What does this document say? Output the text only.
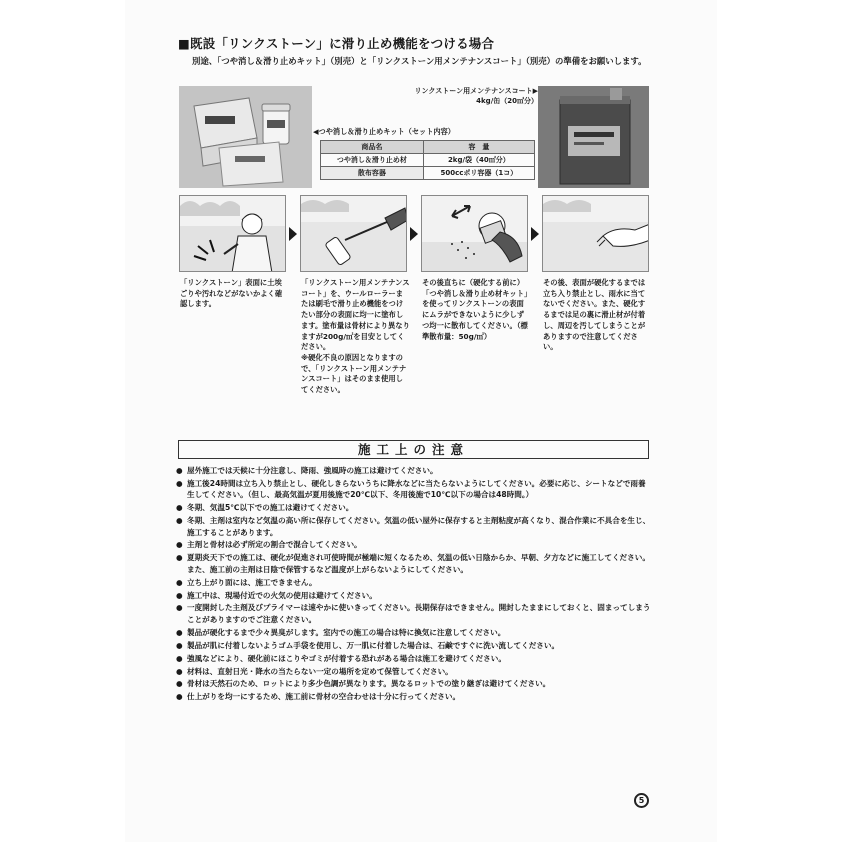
■既設「リンクストーン」に滑り止め機能をつける場合
別途、「つや消し＆滑り止めキット」（別売）と「リンクストーン用メンテナンスコート」（別売）の準備をお願いします。
リンクストーン用メンテナンスコート▶
4kg/缶（20㎡分）
◀つや消し＆滑り止めキット（セット内容）
商品名	容　量
つや消し＆滑り止め材	2kg/袋（40㎡分）
散布容器	500ccポリ容器（1コ）
「リンクストーン」表面に土埃ごりや汚れなどがないかよく確認します。
「リンクストーン用メンテナンスコート」を、ウールローラーまたは刷毛で滑り止め機能をつけたい部分の表面に均一に塗布します。塗布量は骨材により異なりますが200g/㎡を目安としてください。
※硬化不良の原因となりますので、「リンクストーン用メンテナンスコート」はそのまま使用してください。
その後直ちに（硬化する前に）「つや消し＆滑り止め材キット」を使ってリンクストーンの表面にムラができないように少しずつ均一に散布してください。（標準散布量：50g/㎡）
その後、表面が硬化するまでは立ち入り禁止とし、雨水に当てないでください。また、硬化するまでは足の裏に滑止材が付着し、周辺を汚してしまうことがありますので注意してください。
施工上の注意
● 屋外施工では天候に十分注意し、降雨、強風時の施工は避けてください。
● 施工後24時間は立ち入り禁止とし、硬化しきらないうちに降水などに当たらないようにしてください。必要に応じ、シートなどで雨養生してください。（但し、最高気温が夏用後施で20℃以下、冬用後施で10℃以下の場合は48時間。）
● 冬期、気温5℃以下での施工は避けてください。
● 冬期、主剤は室内など気温の高い所に保存してください。気温の低い屋外に保存すると主剤粘度が高くなり、混合作業に不具合を生じ、施工することがあります。
● 主剤と骨材は必ず所定の割合で混合してください。
● 夏期炎天下での施工は、硬化が促進され可使時間が極端に短くなるため、気温の低い日陰からか、早朝、夕方などに施工してください。また、施工前の主剤は日陰で保管するなど温度が上がらないようにしてください。
● 立ち上がり面には、施工できません。
● 施工中は、現場付近での火気の使用は避けてください。
● 一度開封した主剤及びプライマーは速やかに使いきってください。長期保存はできません。開封したままにしておくと、固まってしまうことがありますのでご注意ください。
● 製品が硬化するまで少々異臭がします。室内での施工の場合は特に換気に注意してください。
● 製品が肌に付着しないようゴム手袋を使用し、万一肌に付着した場合は、石鹸ですぐに洗い流してください。
● 強風などにより、硬化前にほこりやゴミが付着する恐れがある場合は施工を避けてください。
● 材料は、直射日光・降水の当たらない一定の場所を定めて保管してください。
● 骨材は天然石のため、ロットにより多少色調が異なります。異なるロットでの塗り継ぎは避けてください。
● 仕上がりを均一にするため、施工前に骨材の空合わせは十分に行ってください。
5
